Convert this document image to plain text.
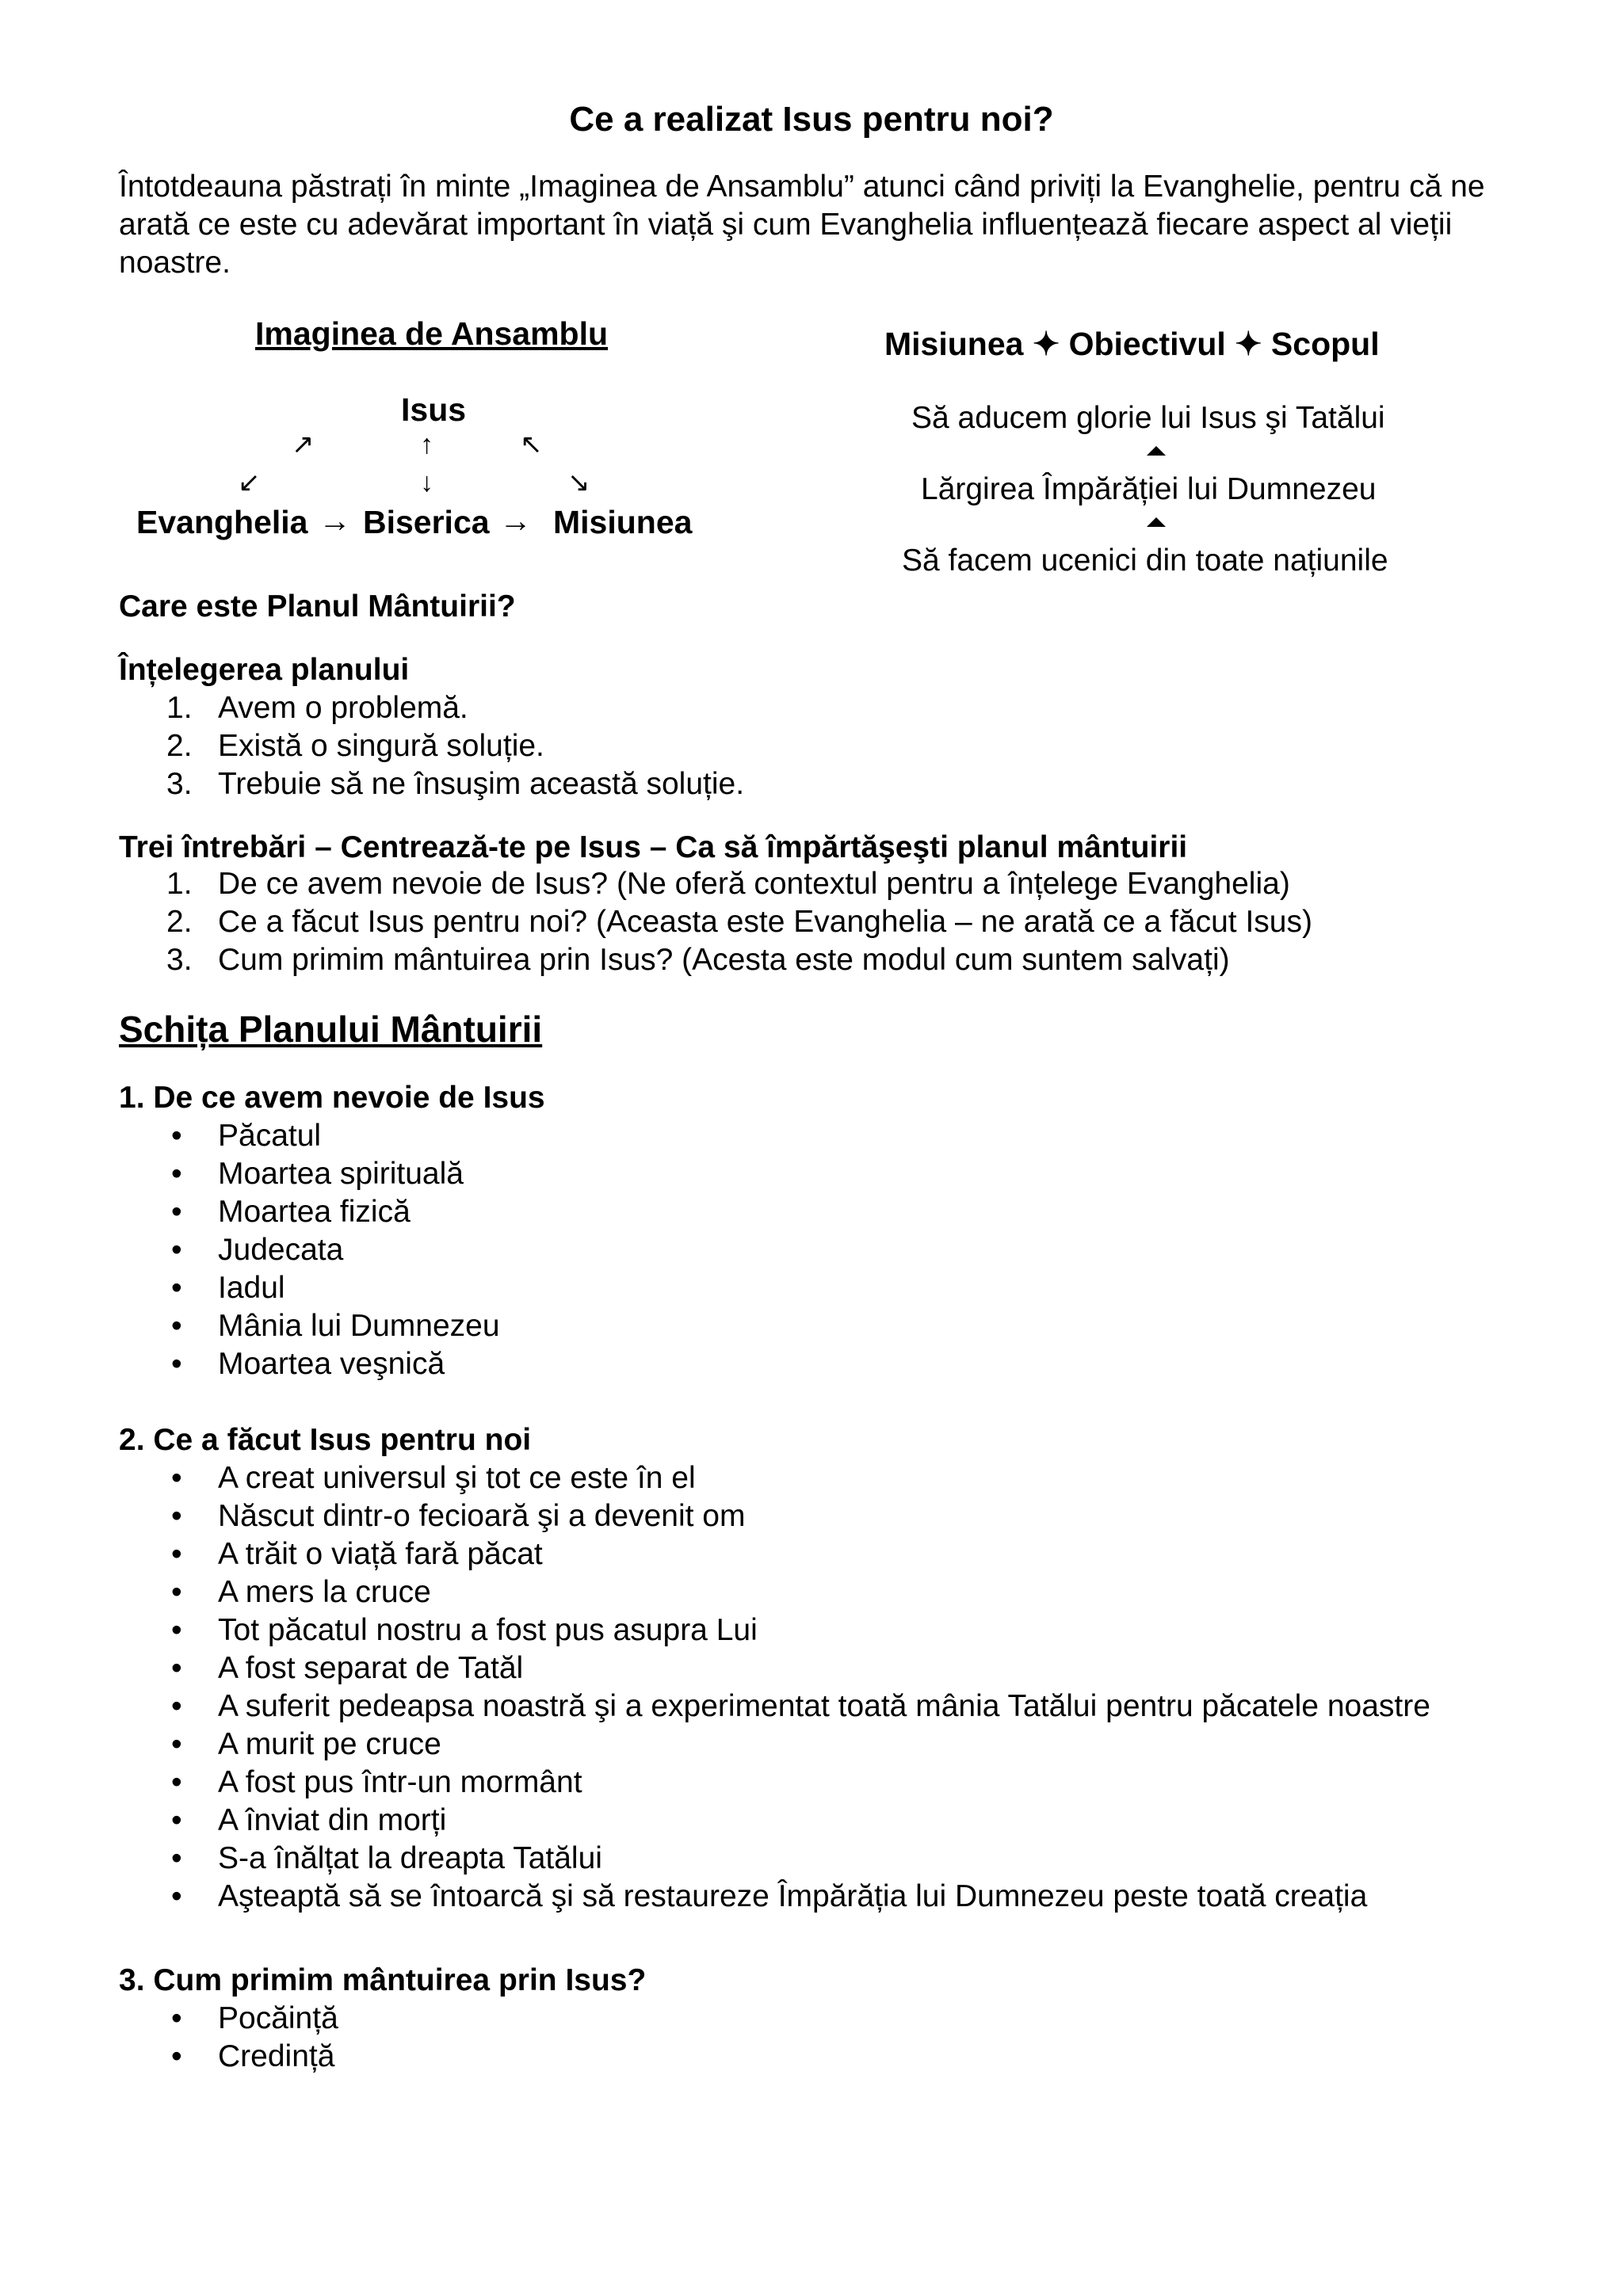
Ce a realizat Isus pentru noi?
Întotdeauna păstrați în minte „Imaginea de Ansamblu” atunci când priviți la Evanghelie, pentru că ne arată ce este cu adevărat important în viață şi cum Evanghelia influențează fiecare aspect al vieții noastre.
Imaginea de Ansamblu
Isus
↗	↑	↖
↙	↓	↘
Evanghelia → Biserica → Misiunea
Misiunea ✦ Obiectivul ✦ Scopul
Să aducem glorie lui Isus şi Tatălui
Lărgirea Împărăției lui Dumnezeu
Să facem ucenici din toate națiunile
Care este Planul Mântuirii?
Înțelegerea planului
1. Avem o problemă.
2. Există o singură soluție.
3. Trebuie să ne însuşim această soluție.
Trei întrebări – Centrează-te pe Isus – Ca să împărtăşeşti planul mântuirii
1. De ce avem nevoie de Isus? (Ne oferă contextul pentru a înțelege Evanghelia)
2. Ce a făcut Isus pentru noi? (Aceasta este Evanghelia – ne arată ce a făcut Isus)
3. Cum primim mântuirea prin Isus? (Acesta este modul cum suntem salvați)
Schița Planului Mântuirii
1. De ce avem nevoie de Isus
• Păcatul
• Moartea spirituală
• Moartea fizică
• Judecata
• Iadul
• Mânia lui Dumnezeu
• Moartea veşnică
2. Ce a făcut Isus pentru noi
• A creat universul şi tot ce este în el
• Născut dintr-o fecioară şi a devenit om
• A trăit o viață fară păcat
• A mers la cruce
• Tot păcatul nostru a fost pus asupra Lui
• A fost separat de Tatăl
• A suferit pedeapsa noastră şi a experimentat toată mânia Tatălui pentru păcatele noastre
• A murit pe cruce
• A fost pus într-un mormânt
• A înviat din morți
• S-a înălțat la dreapta Tatălui
• Aşteaptă să se întoarcă şi să restaureze Împărăția lui Dumnezeu peste toată creația
3. Cum primim mântuirea prin Isus?
• Pocăință
• Credință
